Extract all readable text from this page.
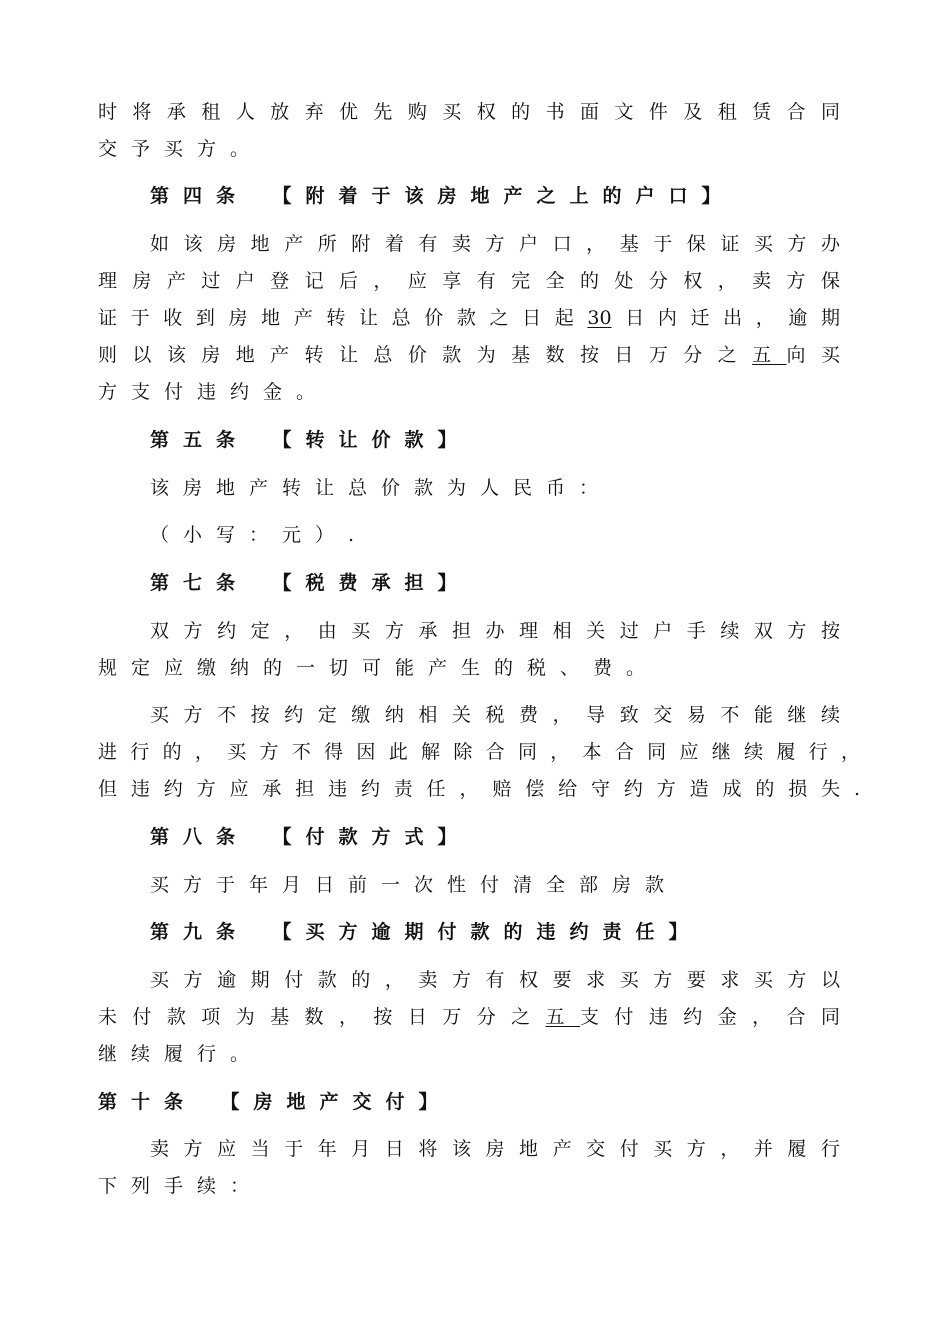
时将承租人放弃优先购买权的书面文件及租赁合同
交予买方。
第四条　【附着于该房地产之上的户口】
如该房地产所附着有卖方户口，基于保证买方办
理房产过户登记后，应享有完全的处分权，卖方保
证于收到房地产转让总价款之日起30日内迁出，逾期
则以该房地产转让总价款为基数按日万分之五向买
方支付违约金。
第五条　【转让价款】
该房地产转让总价款为人民币：
（小写：元）.
第七条　【税费承担】
双方约定，由买方承担办理相关过户手续双方按
规定应缴纳的一切可能产生的税、费。
买方不按约定缴纳相关税费，导致交易不能继续
进行的，买方不得因此解除合同，本合同应继续履行，
但违约方应承担违约责任，赔偿给守约方造成的损失.
第八条　【付款方式】
买方于年月日前一次性付清全部房款
第九条　【买方逾期付款的违约责任】
买方逾期付款的，卖方有权要求买方要求买方以
未付款项为基数，按日万分之五支付违约金，合同
继续履行。
第十条　【房地产交付】
卖方应当于年月日将该房地产交付买方，并履行
下列手续：
